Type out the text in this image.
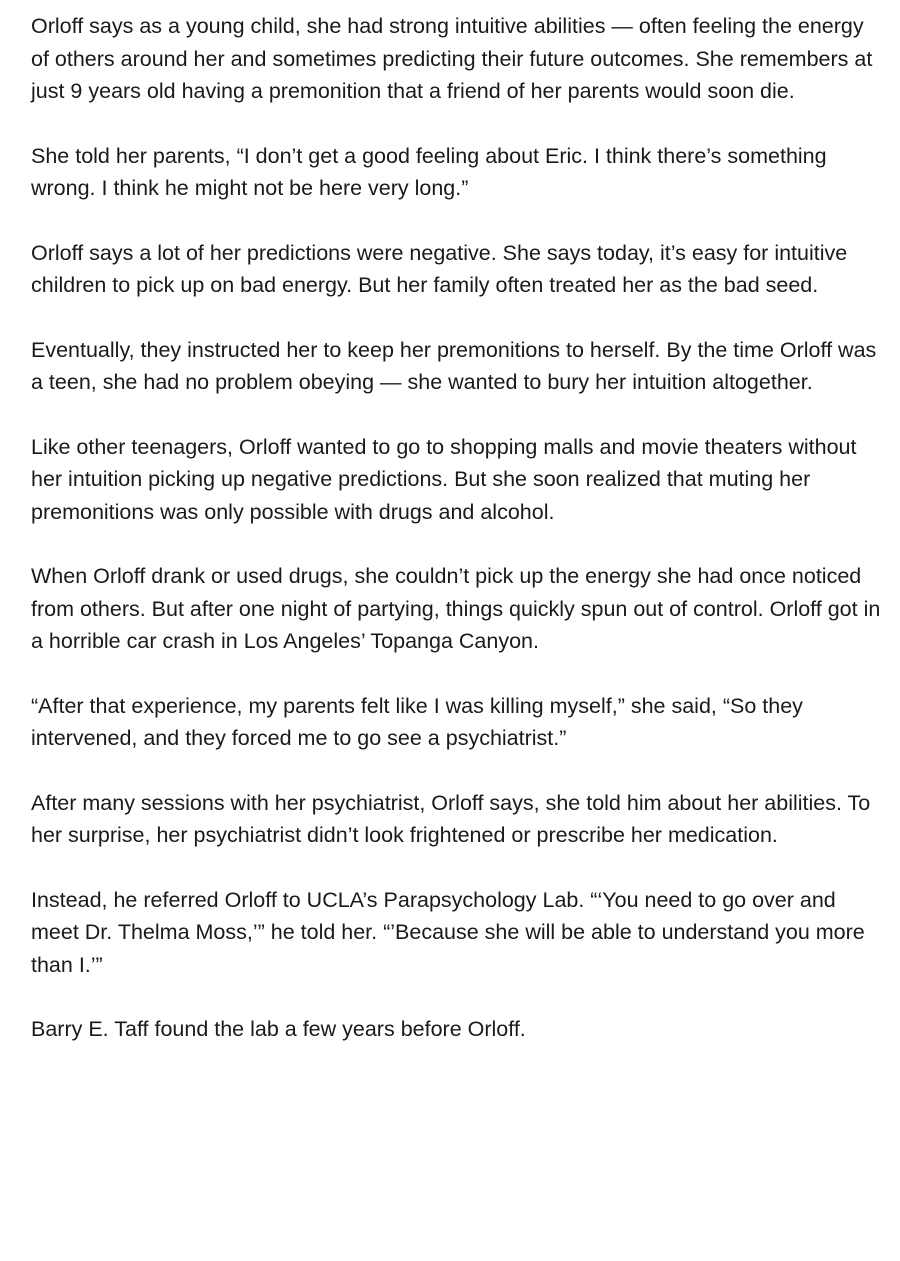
Orloff says as a young child, she had strong intuitive abilities — often feeling the energy of others around her and sometimes predicting their future outcomes. She remembers at just 9 years old having a premonition that a friend of her parents would soon die.

She told her parents, “I don’t get a good feeling about Eric. I think there’s something wrong. I think he might not be here very long.”

Orloff says a lot of her predictions were negative. She says today, it’s easy for intuitive children to pick up on bad energy. But her family often treated her as the bad seed.

Eventually, they instructed her to keep her premonitions to herself. By the time Orloff was a teen, she had no problem obeying — she wanted to bury her intuition altogether.

Like other teenagers, Orloff wanted to go to shopping malls and movie theaters without her intuition picking up negative predictions. But she soon realized that muting her premonitions was only possible with drugs and alcohol.

When Orloff drank or used drugs, she couldn’t pick up the energy she had once noticed from others. But after one night of partying, things quickly spun out of control. Orloff got in a horrible car crash in Los Angeles’ Topanga Canyon.

“After that experience, my parents felt like I was killing myself,” she said, “So they intervened, and they forced me to go see a psychiatrist.”

After many sessions with her psychiatrist, Orloff says, she told him about her abilities. To her surprise, her psychiatrist didn’t look frightened or prescribe her medication.

Instead, he referred Orloff to UCLA’s Parapsychology Lab. “‘You need to go over and meet Dr. Thelma Moss,’” he told her. “’Because she will be able to understand you more than I.’”

Barry E. Taff found the lab a few years before Orloff.
